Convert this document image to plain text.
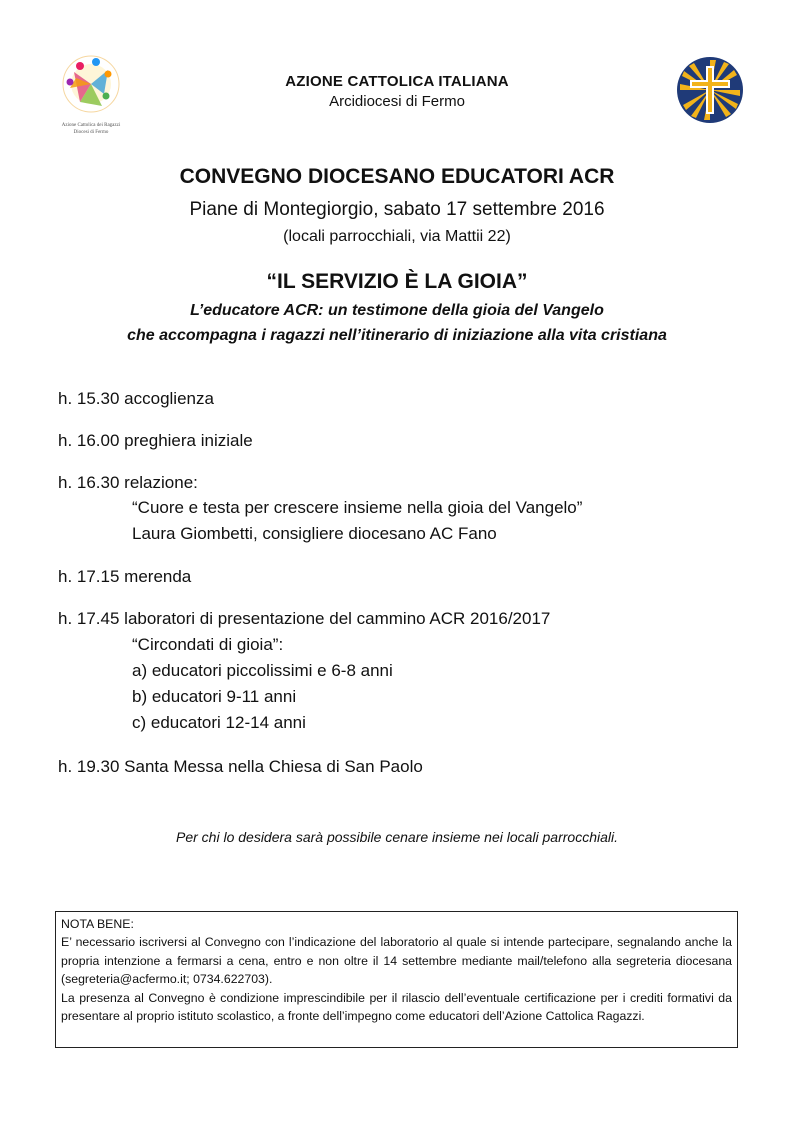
Azione Cattolica dei Ragazzi
Diocesi di Fermo
AZIONE CATTOLICA ITALIANA
Arcidiocesi di Fermo
CONVEGNO DIOCESANO EDUCATORI ACR
Piane di Montegiorgio, sabato 17 settembre 2016
(locali parrocchiali, via Mattii 22)
“IL SERVIZIO È LA GIOIA”
L’educatore ACR: un testimone della gioia del Vangelo
che accompagna i ragazzi nell’itinerario di iniziazione alla vita cristiana
h. 15.30 accoglienza
h. 16.00 preghiera iniziale
h. 16.30 relazione:
“Cuore e testa per crescere insieme nella gioia del Vangelo”
Laura Giombetti, consigliere diocesano AC Fano
h. 17.15 merenda
h. 17.45 laboratori di presentazione del cammino ACR 2016/2017
“Circondati di gioia”:
a) educatori piccolissimi e 6-8 anni
b) educatori 9-11 anni
c) educatori 12-14 anni
h. 19.30 Santa Messa nella Chiesa di San Paolo
Per chi lo desidera sarà possibile cenare insieme nei locali parrocchiali.

NOTA BENE:

E’ necessario iscriversi al Convegno con l’indicazione del laboratorio al quale si intende partecipare, segnalando anche la propria intenzione a fermarsi a cena, entro e non oltre il 14 settembre mediante mail/telefono alla segreteria diocesana (segreteria@acfermo.it; 0734.622703).

La presenza al Convegno è condizione imprescindibile per il rilascio dell’eventuale certificazione per i crediti formativi da presentare al proprio istituto scolastico, a fronte dell’impegno come educatori dell’Azione Cattolica Ragazzi.
